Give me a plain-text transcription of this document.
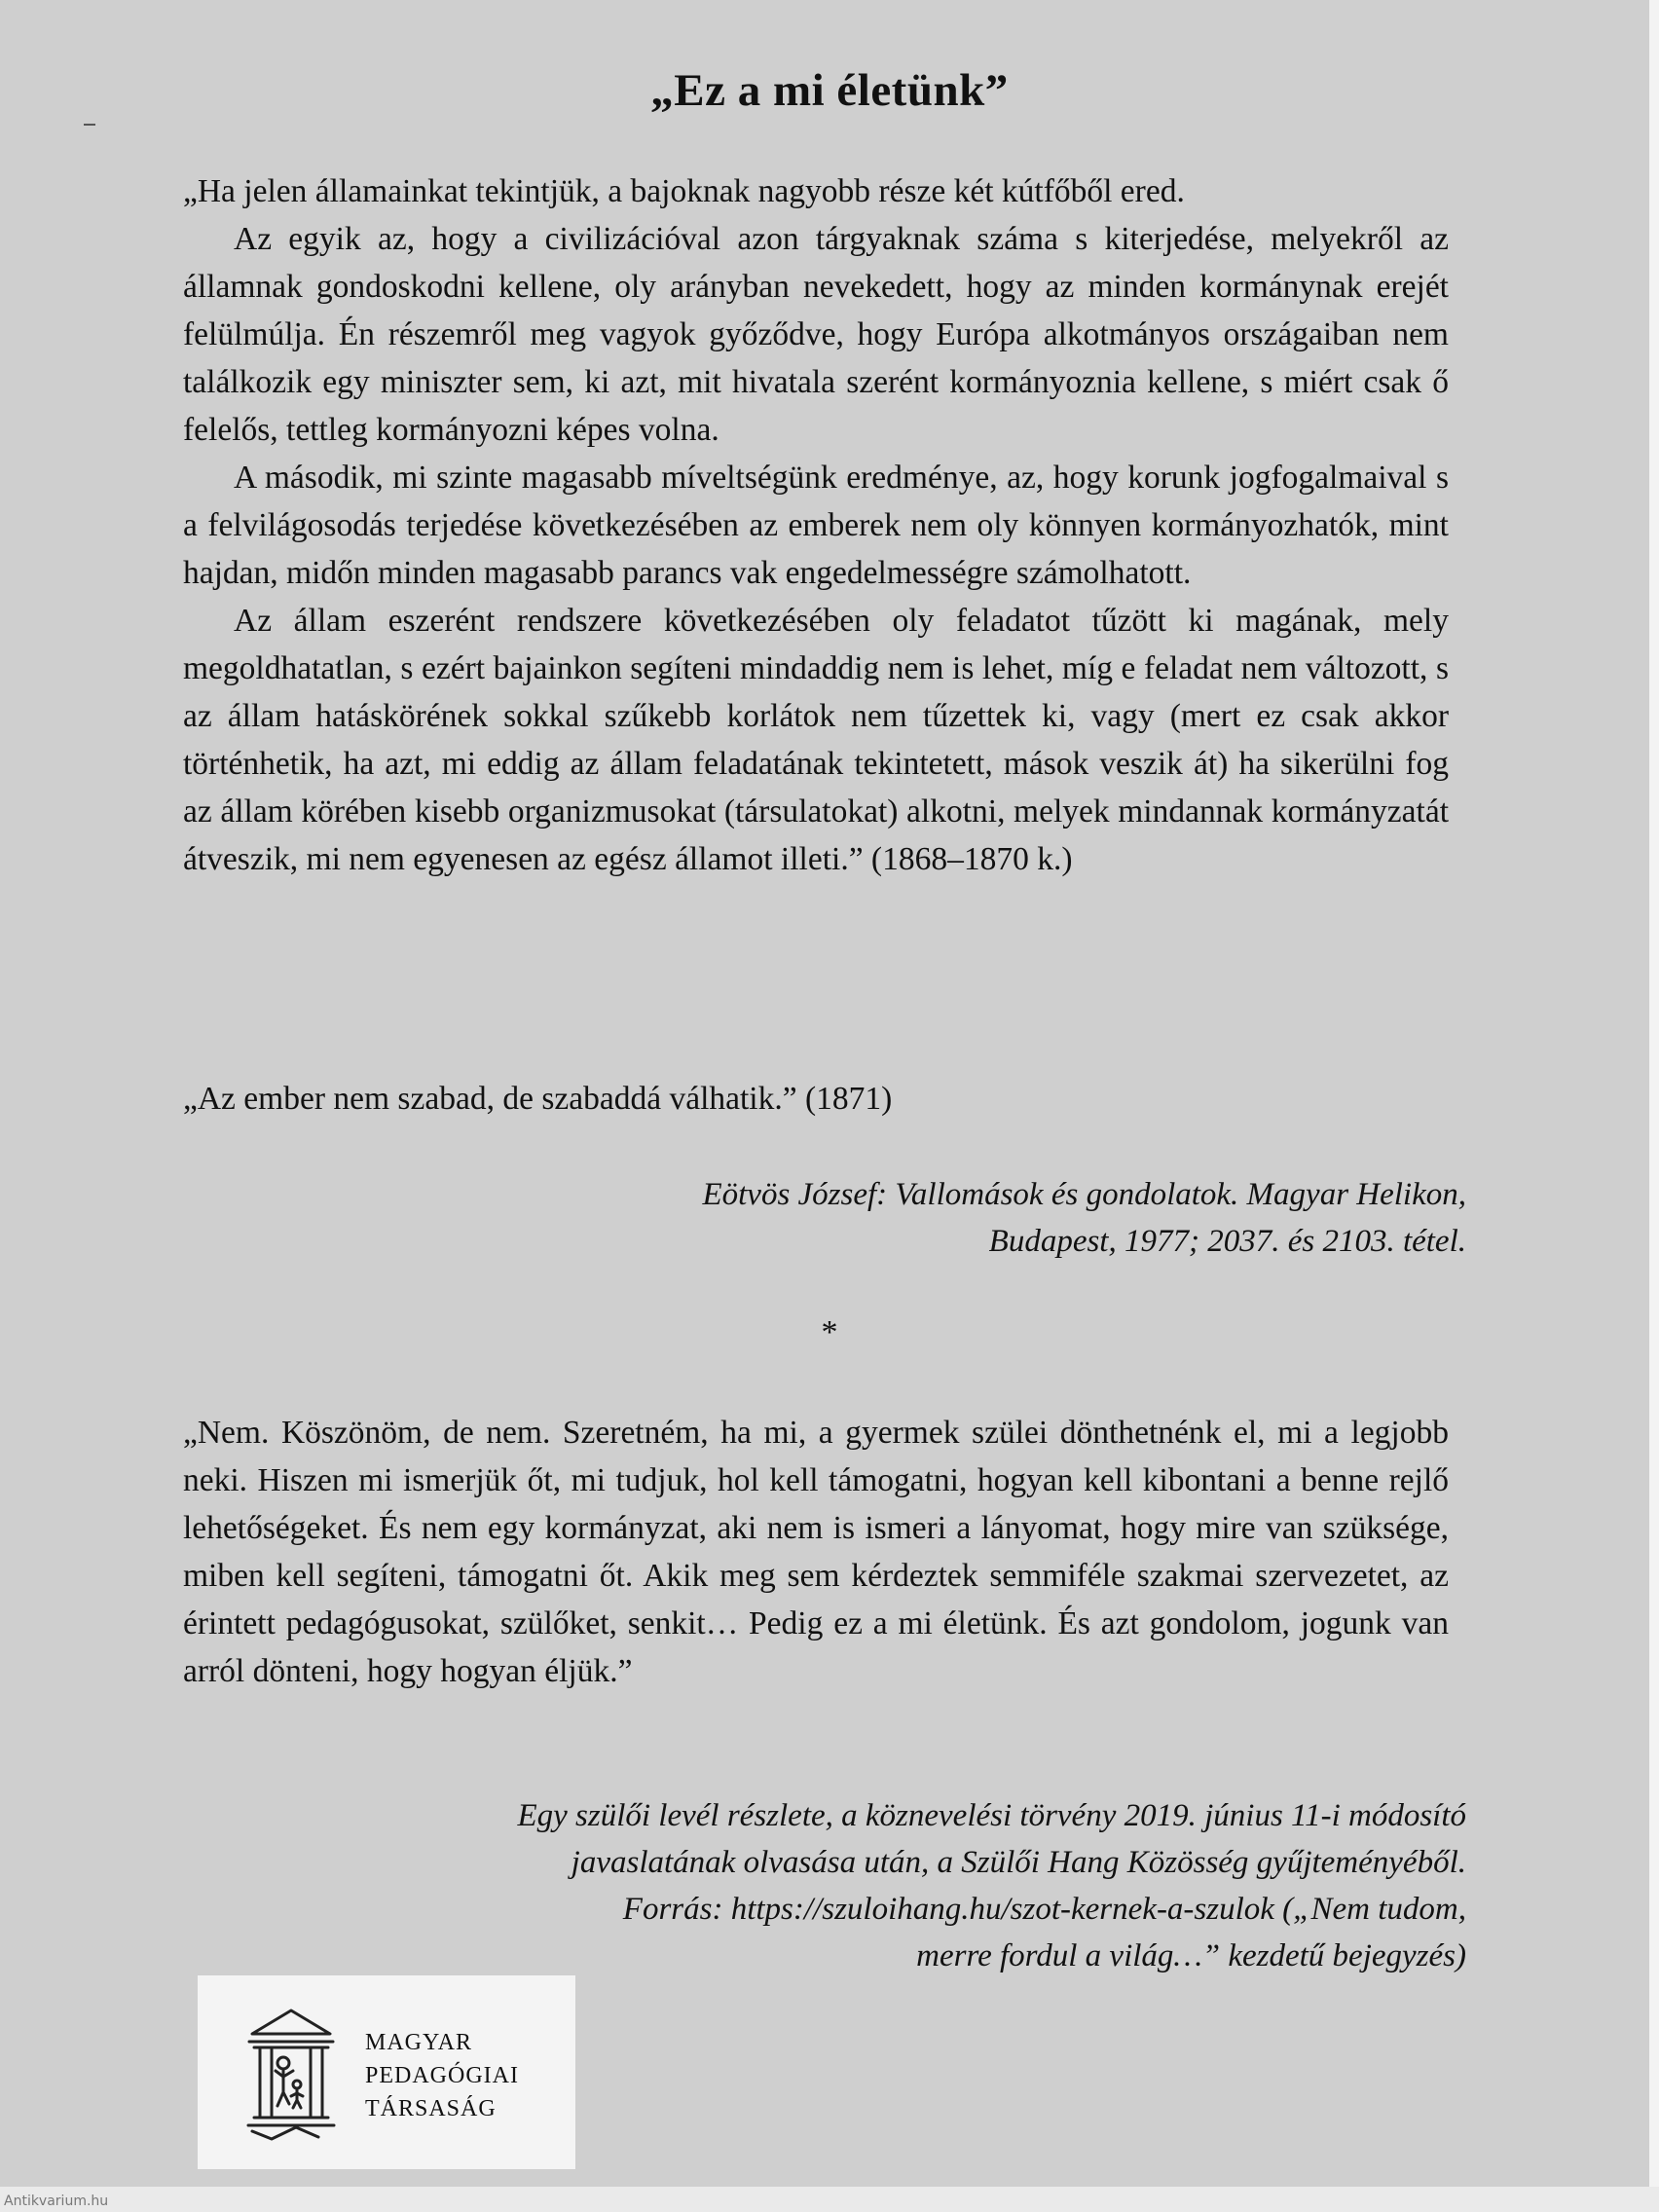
„Ez a mi életünk”

„Ha jelen államainkat tekintjük, a bajoknak nagyobb része két kútfőből ered.

Az egyik az, hogy a civilizációval azon tárgyaknak száma s kiterjedése, melyekről az államnak gondoskodni kellene, oly arányban nevekedett, hogy az minden kormánynak erejét felülmúlja. Én részemről meg vagyok győződve, hogy Európa alkotmányos országaiban nem találkozik egy miniszter sem, ki azt, mit hivatala szerént kormányoznia kellene, s miért csak ő felelős, tettleg kormányozni képes volna.

A második, mi szinte magasabb míveltségünk eredménye, az, hogy korunk jogfogalmaival s a felvilágosodás terjedése következésében az emberek nem oly könnyen kormányozhatók, mint hajdan, midőn minden magasabb parancs vak engedelmességre számolhatott.

Az állam eszerént rendszere következésében oly feladatot tűzött ki magának, mely megoldhatatlan, s ezért bajainkon segíteni mindaddig nem is lehet, míg e feladat nem változott, s az állam hatáskörének sokkal szűkebb korlátok nem tűzettek ki, vagy (mert ez csak akkor történhetik, ha azt, mi eddig az állam feladatának tekintetett, mások veszik át) ha sikerülni fog az állam körében kisebb organizmusokat (társulatokat) alkotni, melyek mindannak kormányzatát átveszik, mi nem egyenesen az egész államot illeti.” (1868–1870 k.)

„Az ember nem szabad, de szabaddá válhatik.” (1871)
Eötvös József: Vallomások és gondolatok. Magyar Helikon,
Budapest, 1977; 2037. és 2103. tétel.
*

„Nem. Köszönöm, de nem. Szeretném, ha mi, a gyermek szülei dönthetnénk el, mi a legjobb neki. Hiszen mi ismerjük őt, mi tudjuk, hol kell támogatni, hogyan kell kibontani a benne rejlő lehetőségeket. És nem egy kormányzat, aki nem is ismeri a lányomat, hogy mire van szüksége, miben kell segíteni, támogatni őt. Akik meg sem kérdeztek semmiféle szakmai szervezetet, az érintett pedagógusokat, szülőket, senkit… Pedig ez a mi életünk. És azt gondolom, jogunk van arról dönteni, hogy hogyan éljük.”

Egy szülői levél részlete, a köznevelési törvény 2019. június 11-i módosító
javaslatának olvasása után, a Szülői Hang Közösség gyűjteményéből.
Forrás: https://szuloihang.hu/szot-kernek-a-szulok („Nem tudom,
merre fordul a világ…” kezdetű bejegyzés)
MAGYAR
PEDAGÓGIAI
TÁRSASÁG
Antikvarium.hu
